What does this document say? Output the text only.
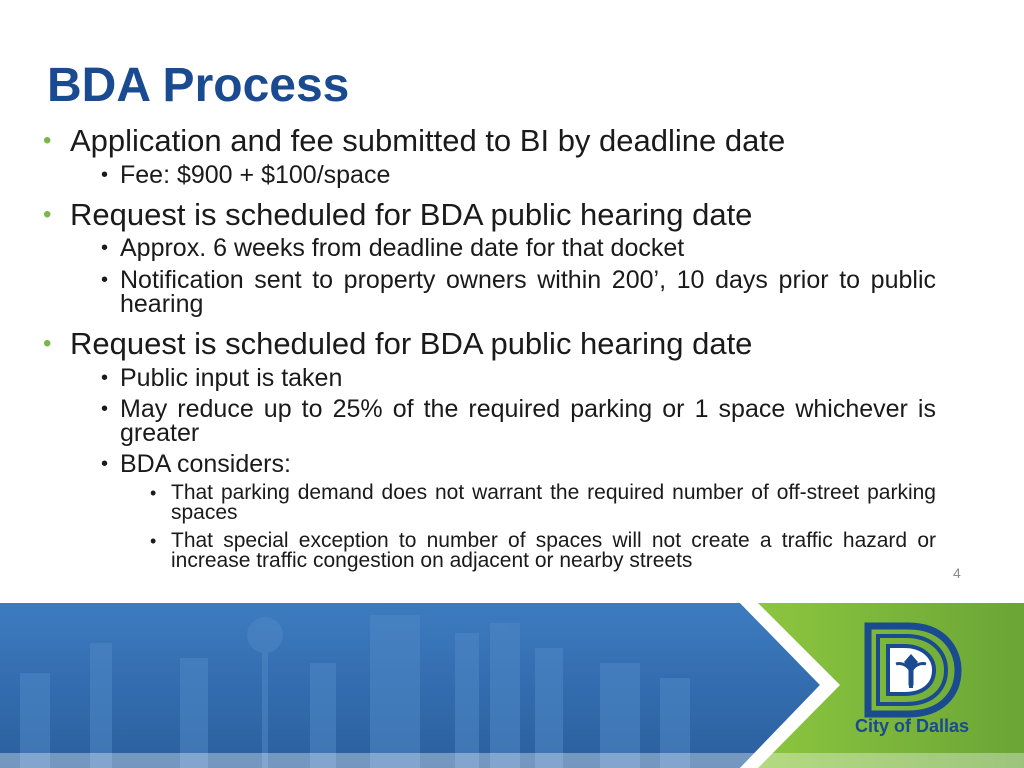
BDA Process
• Application and fee submitted to BI by deadline date
• Fee: $900 + $100/space
• Request is scheduled for BDA public hearing date
• Approx. 6 weeks from deadline date for that docket
• Notification sent to property owners within 200’, 10 days prior to public hearing
• Request is scheduled for BDA public hearing date
• Public input is taken
• May reduce up to 25% of the required parking or 1 space whichever is greater
• BDA considers:
• That parking demand does not warrant the required number of off-street parking spaces
• That special exception to number of spaces will not create a traffic hazard or increase traffic congestion on adjacent or nearby streets
4
City of Dallas
